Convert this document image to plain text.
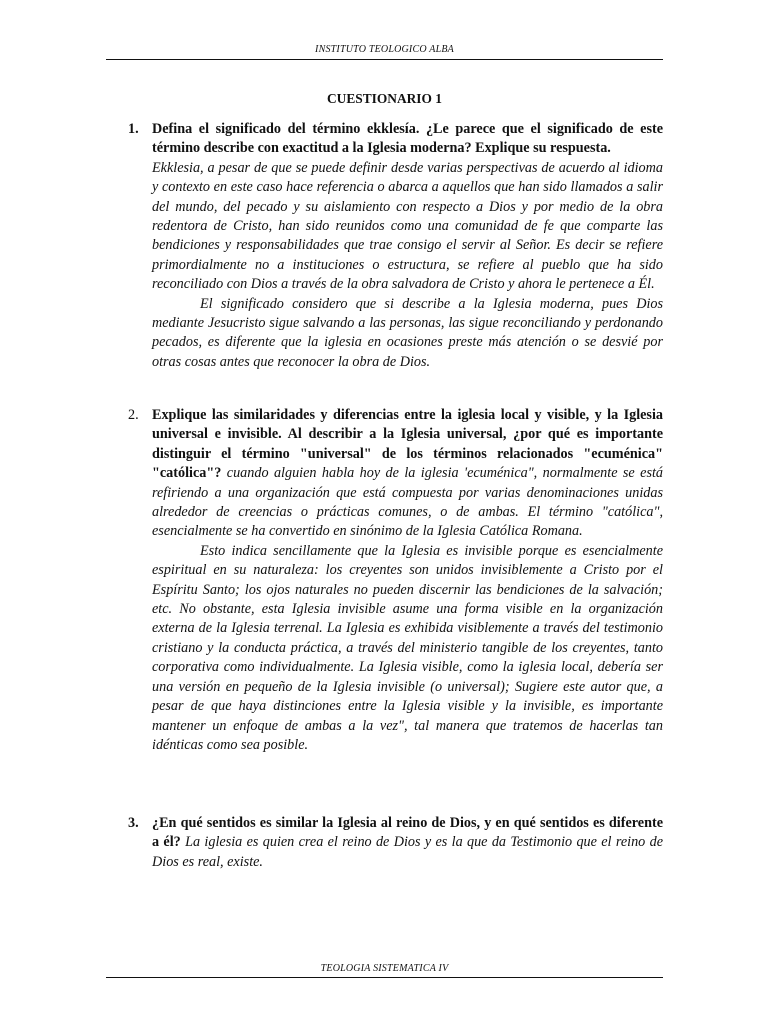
INSTITUTO TEOLOGICO ALBA
CUESTIONARIO 1
1. Defina el significado del término ekklesía. ¿Le parece que el significado de este término describe con exactitud a la Iglesia moderna? Explique su respuesta.

Ekklesia, a pesar de que se puede definir desde varias perspectivas de acuerdo al idioma y contexto en este caso hace referencia o abarca a aquellos que han sido llamados a salir del mundo, del pecado y su aislamiento con respecto a Dios y por medio de la obra redentora de Cristo, han sido reunidos como una comunidad de fe que comparte las bendiciones y responsabilidades que trae consigo el servir al Señor. Es decir se refiere primordialmente no a instituciones o estructura, se refiere al pueblo que ha sido reconciliado con Dios a través de la obra salvadora de Cristo y ahora le pertenece a Él.

El significado considero que si describe a la Iglesia moderna, pues Dios mediante Jesucristo sigue salvando a las personas, las sigue reconciliando y perdonando pecados, es diferente que la iglesia en ocasiones preste más atención o se desvié por otras cosas antes que reconocer la obra de Dios.

2. Explique las similaridades y diferencias entre la iglesia local y visible, y la Iglesia universal e invisible. Al describir a la Iglesia universal, ¿por qué es importante distinguir el término "universal" de los términos relacionados "ecuménica" "católica"? cuando alguien habla hoy de la iglesia 'ecuménica", normalmente se está refiriendo a una organización que está compuesta por varias denominaciones unidas alrededor de creencias o prácticas comunes, o de ambas. El término "católica", esencialmente se ha convertido en sinónimo de la Iglesia Católica Romana.

Esto indica sencillamente que la Iglesia es invisible porque es esencialmente espiritual en su naturaleza: los creyentes son unidos invisiblemente a Cristo por el Espíritu Santo; los ojos naturales no pueden discernir las bendiciones de la salvación; etc. No obstante, esta Iglesia invisible asume una forma visible en la organización externa de la Iglesia terrenal. La Iglesia es exhibida visiblemente a través del testimonio cristiano y la conducta práctica, a través del ministerio tangible de los creyentes, tanto corporativa como individualmente. La Iglesia visible, como la iglesia local, debería ser una versión en pequeño de la Iglesia invisible (o universal); Sugiere este autor que, a pesar de que haya distinciones entre la Iglesia visible y la invisible, es importante mantener un enfoque de ambas a la vez", tal manera que tratemos de hacerlas tan idénticas como sea posible.

3. ¿En qué sentidos es similar la Iglesia al reino de Dios, y en qué sentidos es diferente a él? La iglesia es quien crea el reino de Dios y es la que da Testimonio que el reino de Dios es real, existe.

TEOLOGIA SISTEMATICA IV
